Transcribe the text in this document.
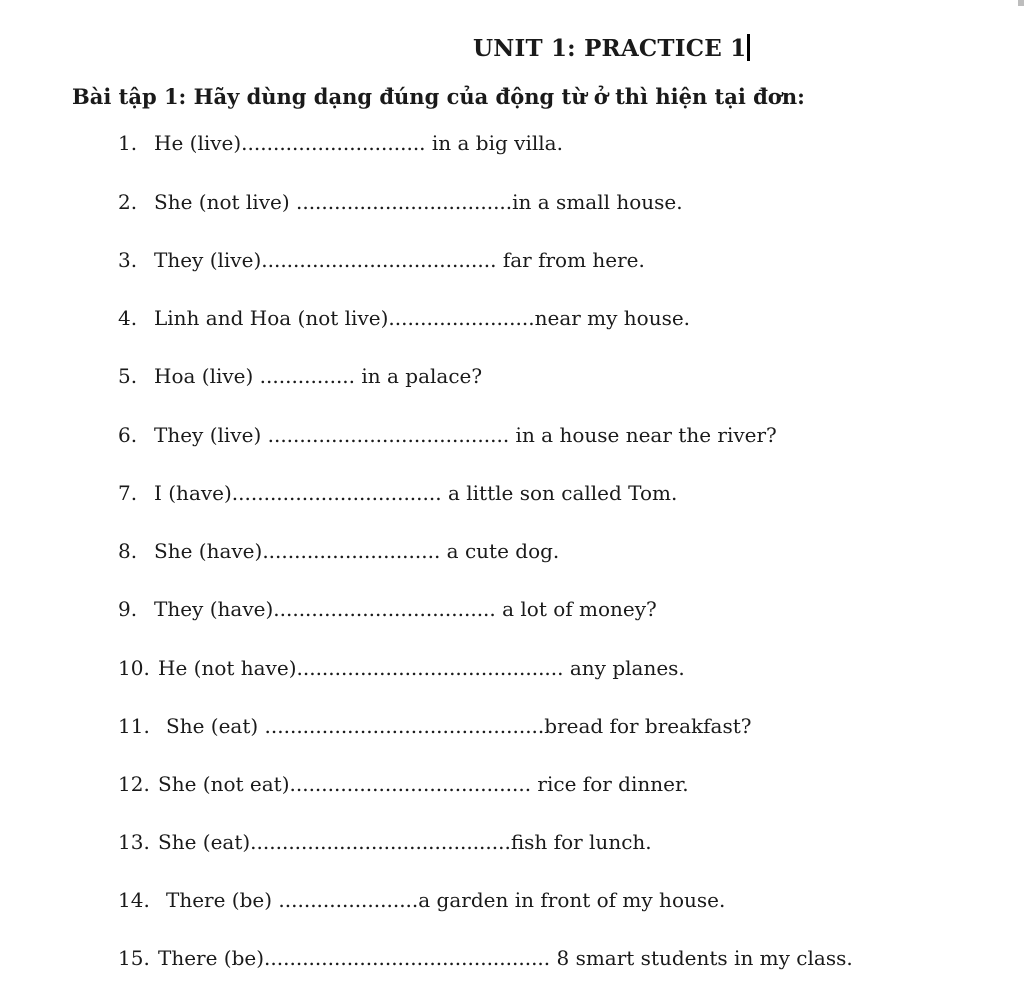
UNIT 1: PRACTICE 1
Bài tập 1: Hãy dùng dạng đúng của động từ ở thì hiện tại đơn:
1. He (live)............................. in a big villa.
2. She (not live) ..................................in a small house.
3. They (live)..................................... far from here.
4. Linh and Hoa (not live).......................near my house.
5. Hoa (live) ............... in a palace?
6. They (live) ...................................... in a house near the river?
7. I (have)................................. a little son called Tom.
8. She (have)............................ a cute dog.
9. They (have)................................... a lot of money?
10. He (not have).......................................... any planes.
11. She (eat) ............................................bread for breakfast?
12. She (not eat)...................................... rice for dinner.
13. She (eat).........................................fish for lunch.
14. There (be) ......................a garden in front of my house.
15. There (be)............................................. 8 smart students in my class.
